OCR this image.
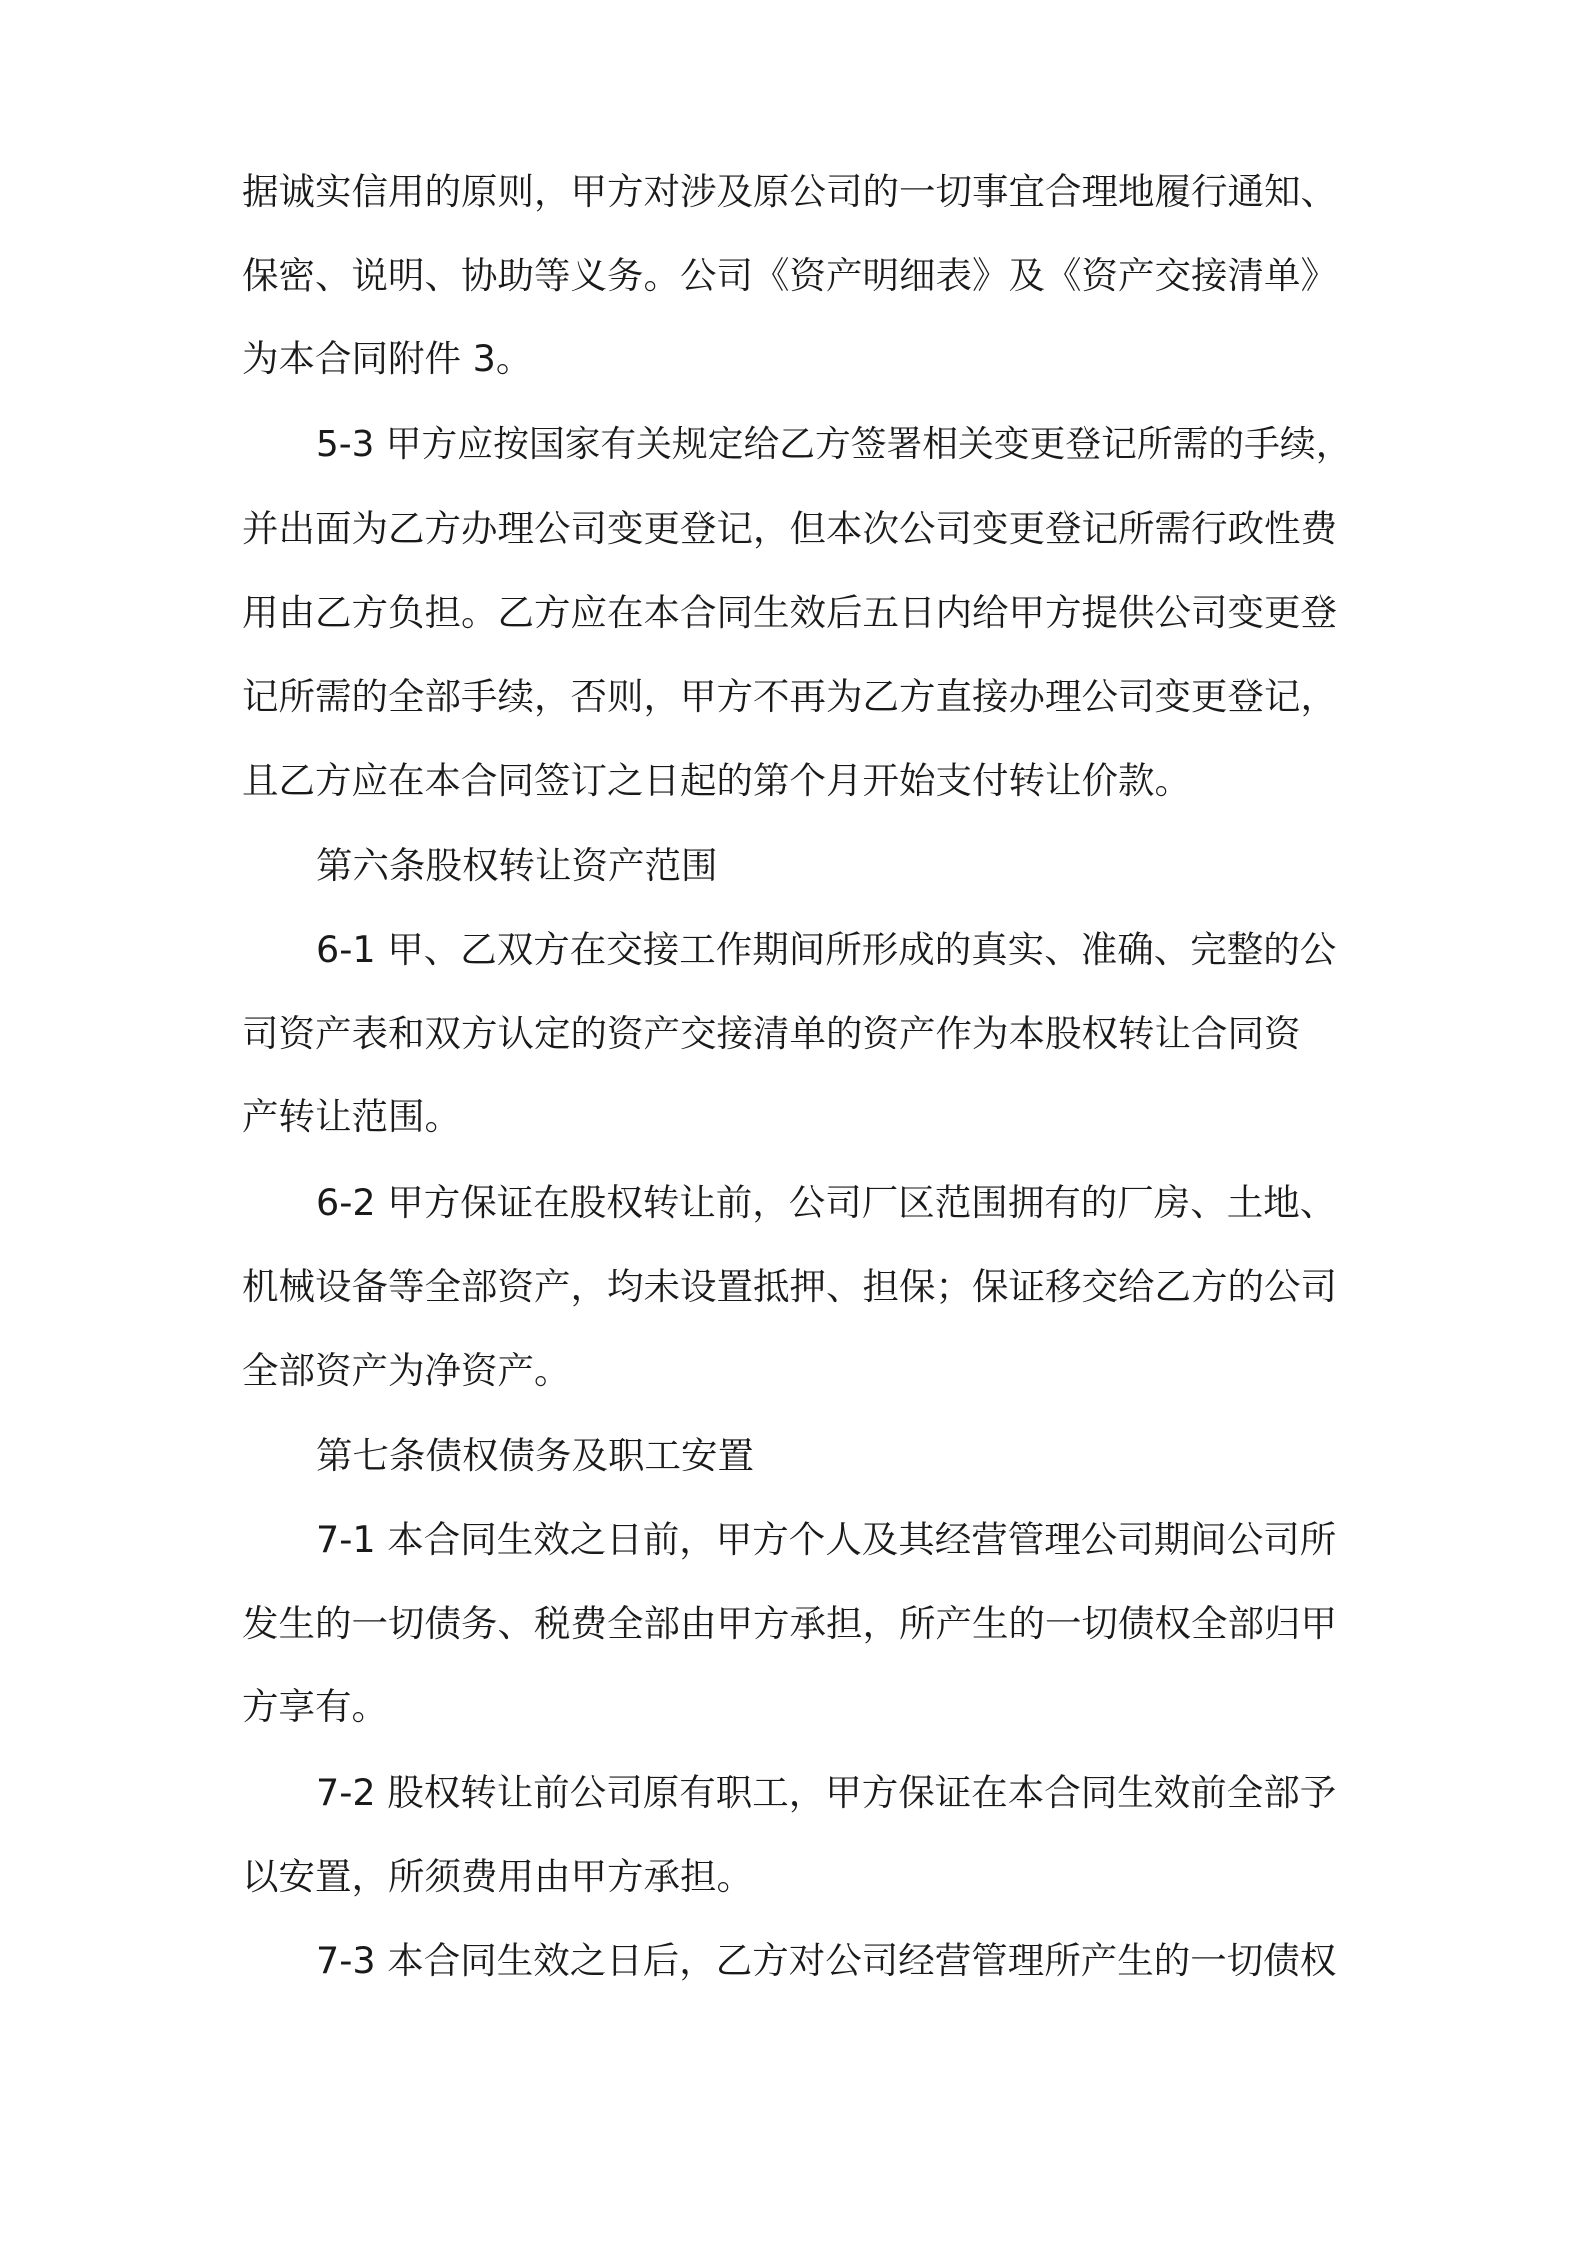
据诚实信用的原则，甲方对涉及原公司的一切事宜合理地履行通知、
保密、说明、协助等义务。公司《资产明细表》及《资产交接清单》
为本合同附件 3。
5-3 甲方应按国家有关规定给乙方签署相关变更登记所需的手续，
并出面为乙方办理公司变更登记，但本次公司变更登记所需行政性费
用由乙方负担。乙方应在本合同生效后五日内给甲方提供公司变更登
记所需的全部手续，否则，甲方不再为乙方直接办理公司变更登记，
且乙方应在本合同签订之日起的第个月开始支付转让价款。
第六条股权转让资产范围
6-1 甲、乙双方在交接工作期间所形成的真实、准确、完整的公
司资产表和双方认定的资产交接清单的资产作为本股权转让合同资
产转让范围。
6-2 甲方保证在股权转让前，公司厂区范围拥有的厂房、土地、
机械设备等全部资产，均未设置抵押、担保；保证移交给乙方的公司
全部资产为净资产。
第七条债权债务及职工安置
7-1 本合同生效之日前，甲方个人及其经营管理公司期间公司所
发生的一切债务、税费全部由甲方承担，所产生的一切债权全部归甲
方享有。
7-2 股权转让前公司原有职工，甲方保证在本合同生效前全部予
以安置，所须费用由甲方承担。
7-3 本合同生效之日后，乙方对公司经营管理所产生的一切债权
